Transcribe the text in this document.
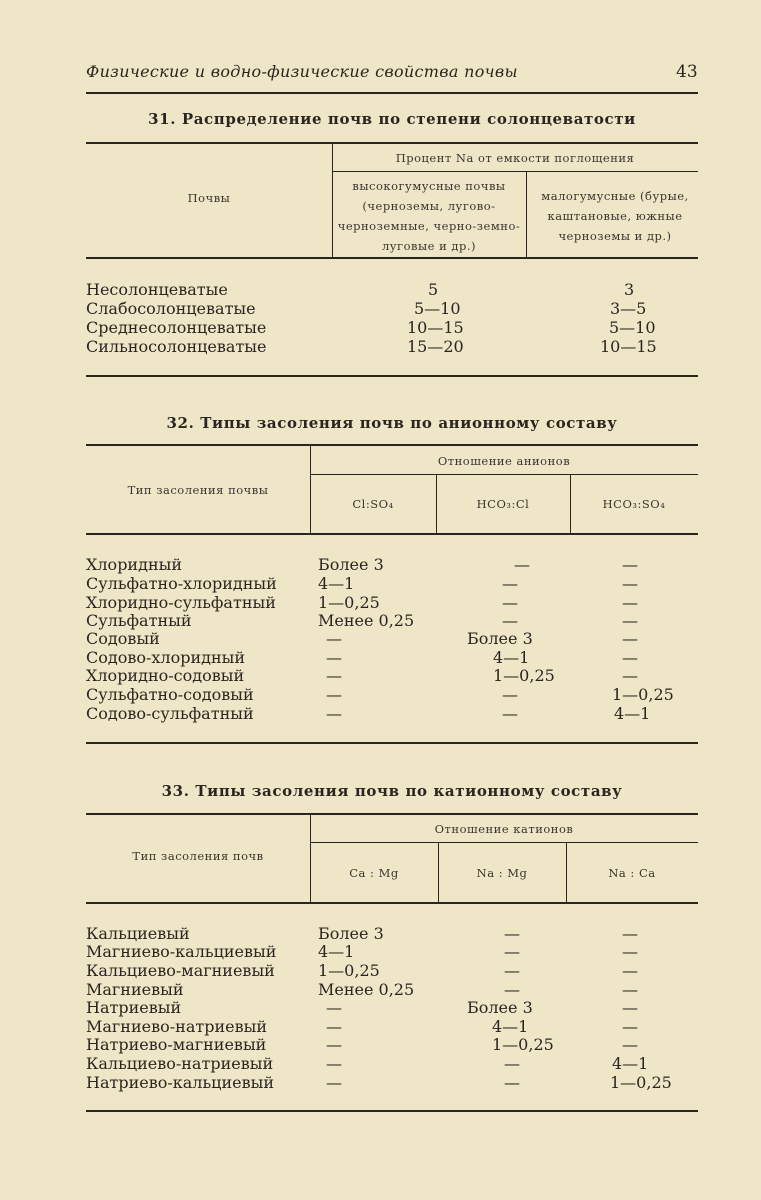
Физические и водно-физические свойства почвы	43
31. Распределение почв по степени солонцеватости
Почвы
Процент Na от емкости поглощения
высокогумусные почвы (черноземы, лугово-черноземные, черно-земно-луговые и др.)
малогумусные (бурые, каштановые, южные черноземы и др.)
Несолонцеватые	5	3
Слабосолонцеватые	5—10	3—5
Среднесолонцеватые	10—15	5—10
Сильносолонцеватые	15—20	10—15
32. Типы засоления почв по анионному составу
Тип засоления почвы
Отношение анионов
Cl:SO₄	HCO₃:Cl	HCO₃:SO₄
Хлоридный	Более 3	—	—
Сульфатно-хлоридный	4—1	—	—
Хлоридно-сульфатный	1—0,25	—	—
Сульфатный	Менее 0,25	—	—
Содовый	—	Более 3	—
Содово-хлоридный	—	4—1	—
Хлоридно-содовый	—	1—0,25	—
Сульфатно-содовый	—	—	1—0,25
Содово-сульфатный	—	—	4—1
33. Типы засоления почв по катионному составу
Тип засоления почв
Отношение катионов
Ca : Mg	Na : Mg	Na : Ca
Кальциевый	Более 3	—	—
Магниево-кальциевый	4—1	—	—
Кальциево-магниевый	1—0,25	—	—
Магниевый	Менее 0,25	—	—
Натриевый	—	Более 3	—
Магниево-натриевый	—	4—1	—
Натриево-магниевый	—	1—0,25	—
Кальциево-натриевый	—	—	4—1
Натриево-кальциевый	—	—	1—0,25
